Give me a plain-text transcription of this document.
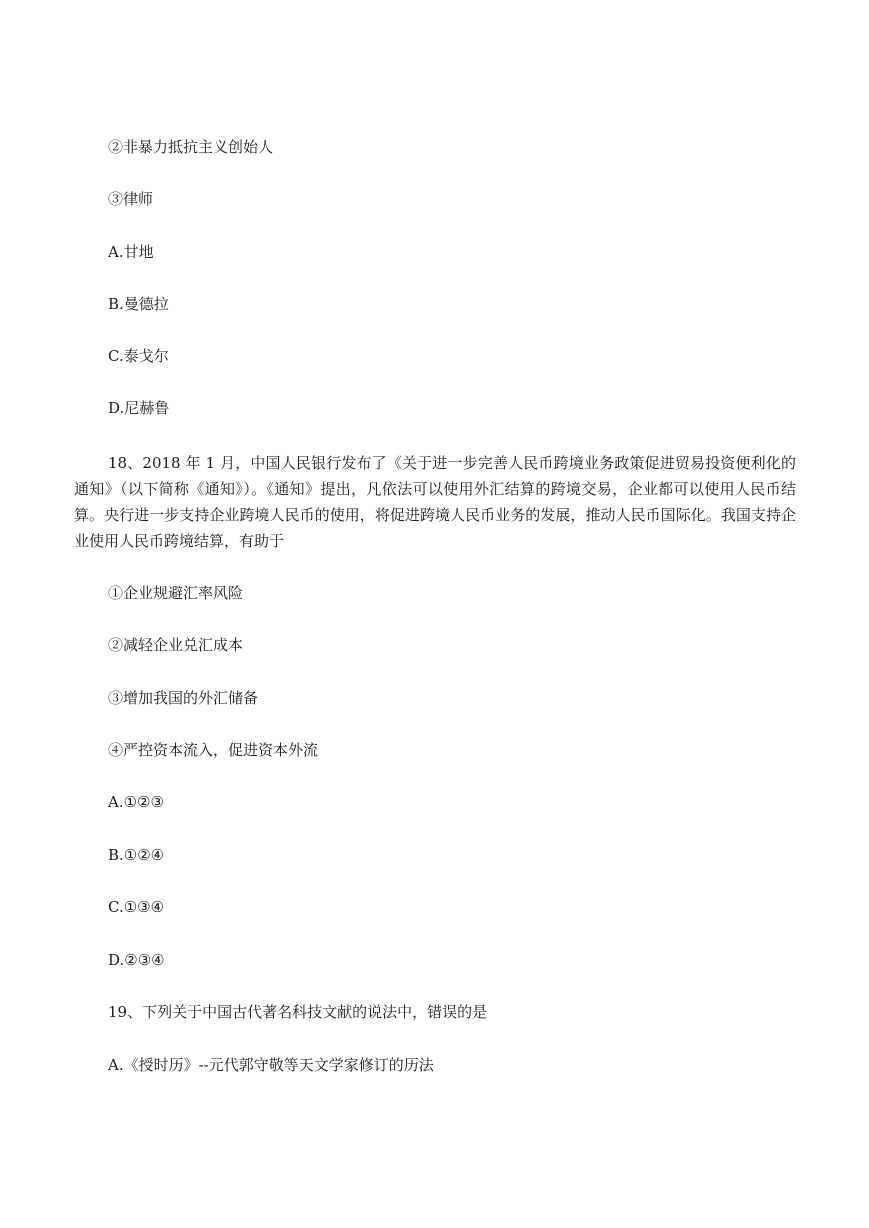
②非暴力抵抗主义创始人

③律师

A.甘地

B.曼德拉

C.泰戈尔

D.尼赫鲁

18、2018 年 1 月，中国人民银行发布了《关于进一步完善人民币跨境业务政策促进贸易投资便利化的通知》（以下简称《通知》）。《通知》提出，凡依法可以使用外汇结算的跨境交易，企业都可以使用人民币结算。央行进一步支持企业跨境人民币的使用，将促进跨境人民币业务的发展，推动人民币国际化。我国支持企业使用人民币跨境结算，有助于

①企业规避汇率风险

②减轻企业兑汇成本

③增加我国的外汇储备

④严控资本流入，促进资本外流

A.①②③

B.①②④

C.①③④

D.②③④

19、下列关于中国古代著名科技文献的说法中，错误的是

A.《授时历》--元代郭守敬等天文学家修订的历法
